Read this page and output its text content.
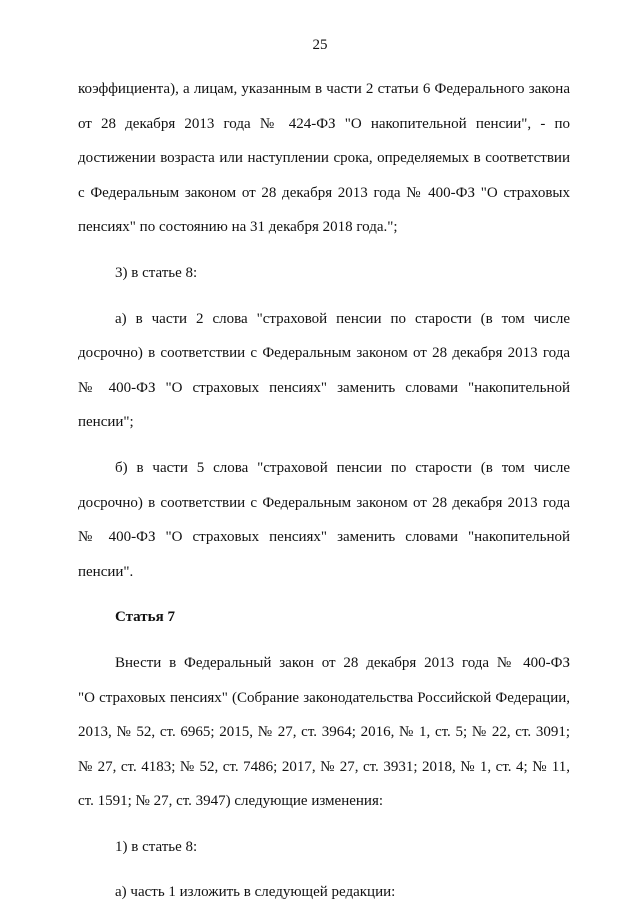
25

коэффициента), а лицам, указанным в части 2 статьи 6 Федерального закона

от 28 декабря 2013 года № 424-ФЗ "О накопительной пенсии", - по

достижении возраста или наступлении срока, определяемых в соответствии

с Федеральным законом от 28 декабря 2013 года № 400-ФЗ "О страховых

пенсиях" по состоянию на 31 декабря 2018 года.";

3) в статье 8:

а) в части 2 слова "страховой пенсии по старости (в том числе

досрочно) в соответствии с Федеральным законом от 28 декабря 2013 года

№ 400-ФЗ "О страховых пенсиях" заменить словами "накопительной

пенсии";

б) в части 5 слова "страховой пенсии по старости (в том числе

досрочно) в соответствии с Федеральным законом от 28 декабря 2013 года

№ 400-ФЗ "О страховых пенсиях" заменить словами "накопительной

пенсии".

Статья 7

Внести в Федеральный закон от 28 декабря 2013 года № 400-ФЗ

"О страховых пенсиях" (Собрание законодательства Российской Федерации,

2013, № 52, ст. 6965; 2015, № 27, ст. 3964; 2016, № 1, ст. 5; № 22, ст. 3091;

№ 27, ст. 4183; № 52, ст. 7486; 2017, № 27, ст. 3931; 2018, № 1, ст. 4; № 11,

ст. 1591; № 27, ст. 3947) следующие изменения:

1) в статье 8:

а) часть 1 изложить в следующей редакции:
